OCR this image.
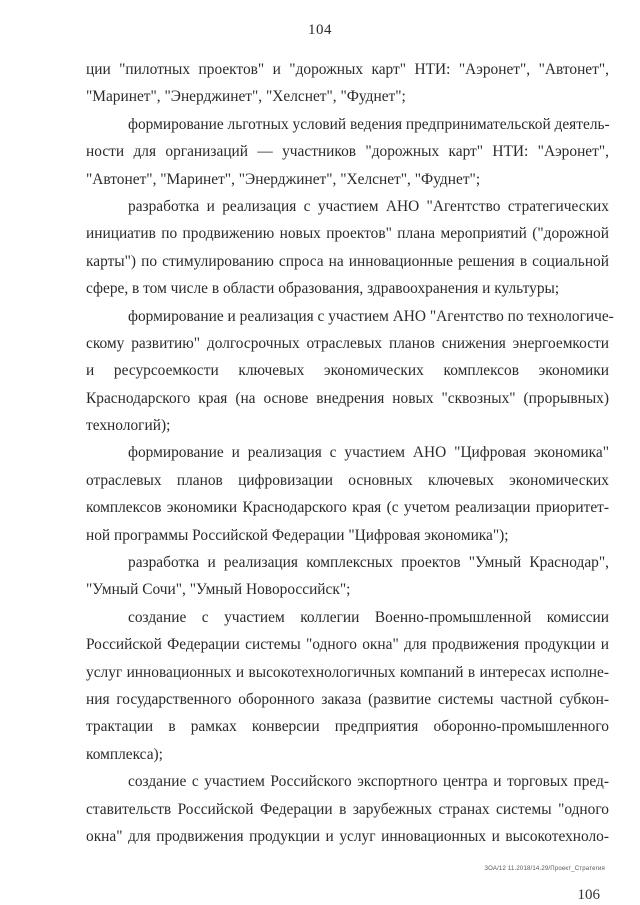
104
ции "пилотных проектов" и "дорожных карт" НТИ: "Аэронет", "Автонет",
"Маринет", "Энерджинет", "Хелснет", "Фуднет";
формирование льготных условий ведения предпринимательской деятель-
ности для организаций — участников "дорожных карт" НТИ: "Аэронет",
"Автонет", "Маринет", "Энерджинет", "Хелснет", "Фуднет";
разработка и реализация с участием АНО "Агентство стратегических
инициатив по продвижению новых проектов" плана мероприятий ("дорожной
карты") по стимулированию спроса на инновационные решения в социальной
сфере, в том числе в области образования, здравоохранения и культуры;
формирование и реализация с участием АНО "Агентство по технологиче-
скому развитию" долгосрочных отраслевых планов снижения энергоемкости
и ресурсоемкости ключевых экономических комплексов экономики
Краснодарского края (на основе внедрения новых "сквозных" (прорывных)
технологий);
формирование и реализация с участием АНО "Цифровая экономика"
отраслевых планов цифровизации основных ключевых экономических
комплексов экономики Краснодарского края (с учетом реализации приоритет-
ной программы Российской Федерации "Цифровая экономика");
разработка и реализация комплексных проектов "Умный Краснодар",
"Умный Сочи", "Умный Новороссийск";
создание с участием коллегии Военно-промышленной комиссии
Российской Федерации системы "одного окна" для продвижения продукции и
услуг инновационных и высокотехнологичных компаний в интересах исполне-
ния государственного оборонного заказа (развитие системы частной субкон-
трактации в рамках конверсии предприятия оборонно-промышленного
комплекса);
создание с участием Российского экспортного центра и торговых пред-
ставительств Российской Федерации в зарубежных странах системы "одного
окна" для продвижения продукции и услуг инновационных и высокотехноло-
ЗОА/12 11.2018/14.29/Проект_Стратегия
106
